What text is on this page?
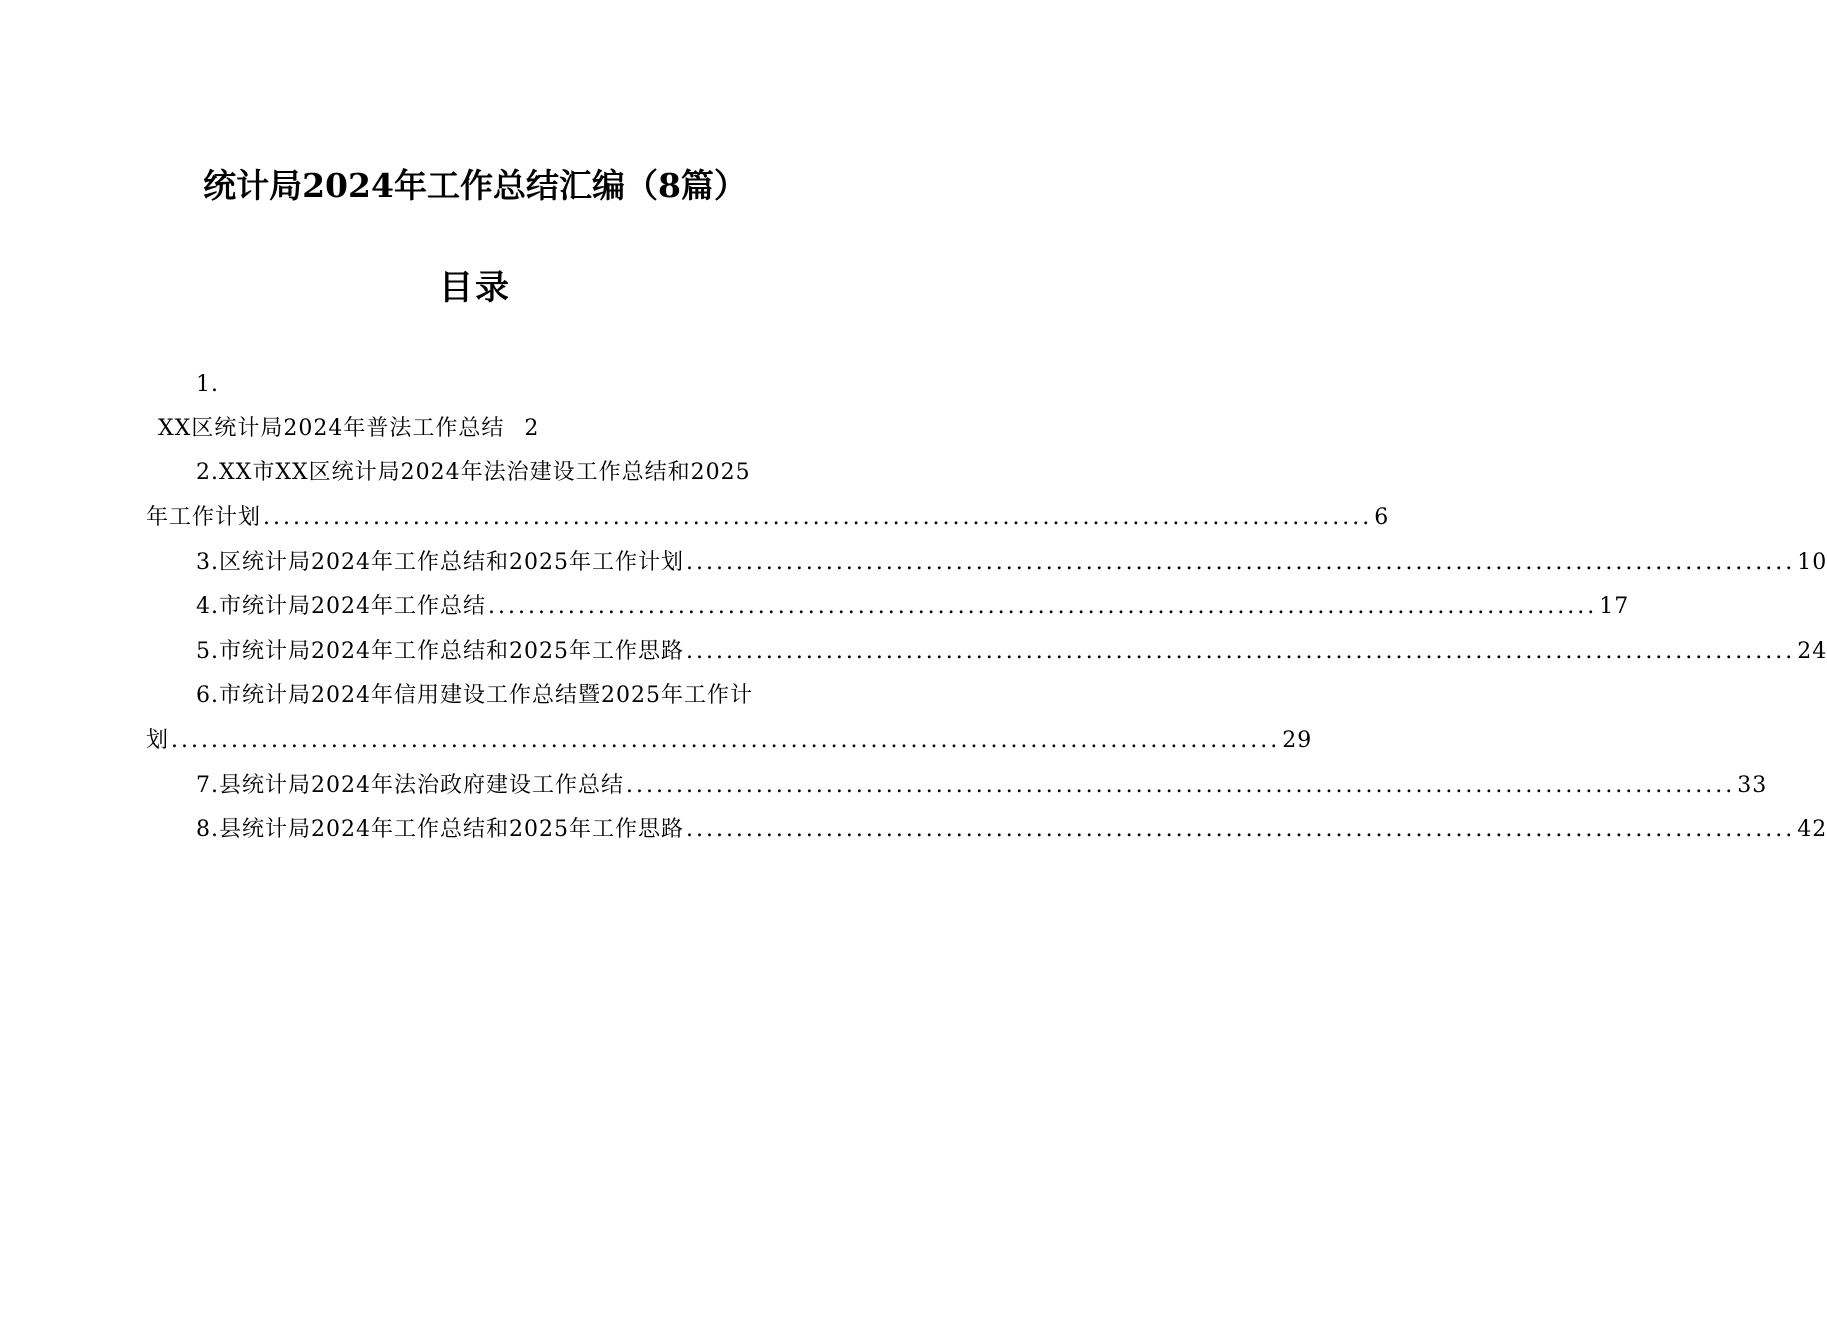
统计局2024年工作总结汇编（8篇）
目录
1.
XX区统计局2024年普法工作总结 2
2.XX市XX区统计局2024年法治建设工作总结和2025
年工作计划 ............................................................................................................... 6
3.区统计局2024年工作总结和2025年工作计划 ............................................................................................................... 10
4.市统计局2024年工作总结 ............................................................................................................... 17
5.市统计局2024年工作总结和2025年工作思路 ............................................................................................................... 24
6.市统计局2024年信用建设工作总结暨2025年工作计
划 ............................................................................................................... 29
7.县统计局2024年法治政府建设工作总结 ............................................................................................................... 33
8.县统计局2024年工作总结和2025年工作思路 ............................................................................................................... 42
